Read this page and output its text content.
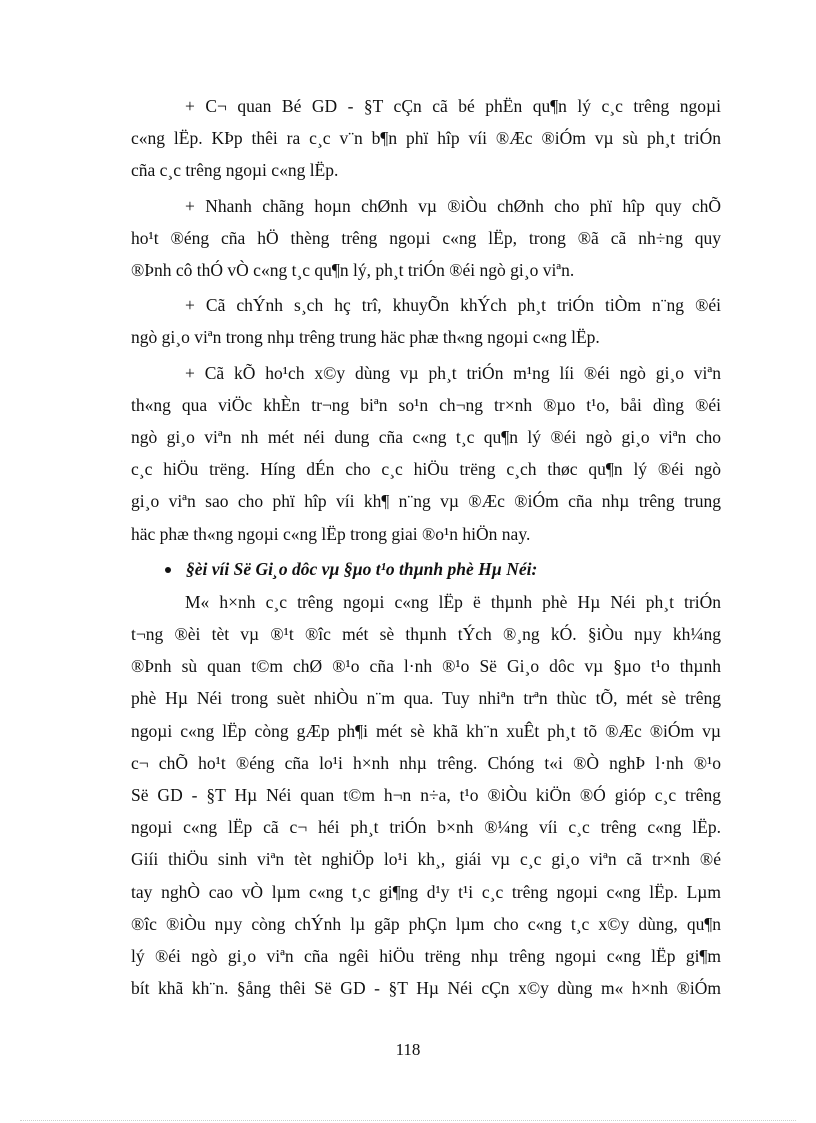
+ C¬ quan Bé GD - §T cÇn cã bé phËn qu¶n lý c¸c trêng ngoµi
c«ng lËp. KÞp thêi ra c¸c v¨n b¶n phï hîp víi ®Æc ®iÓm vµ sù ph¸t triÓn
cña c¸c trêng ngoµi c«ng lËp.
+ Nhanh chãng hoµn chØnh vµ ®iÒu chØnh cho phï hîp quy chÕ
ho¹t ®éng cña hÖ thèng trêng ngoµi c«ng lËp, trong ®ã cã nh÷ng quy
®Þnh cô thÓ vÒ c«ng t¸c qu¶n lý, ph¸t triÓn ®éi ngò gi¸o viªn.
+ Cã chÝnh s¸ch hç trî, khuyÕn khÝch ph¸t triÓn tiÒm n¨ng ®éi
ngò gi¸o viªn trong nhµ trêng trung häc phæ th«ng ngoµi c«ng lËp.
+ Cã kÕ ho¹ch x©y dùng vµ ph¸t triÓn m¹ng líi ®éi ngò gi¸o viªn
th«ng qua viÖc khÈn tr¬ng biªn so¹n ch¬ng tr×nh ®µo t¹o, båi dìng ®éi
ngò gi¸o viªn nh mét néi dung cña c«ng t¸c qu¶n lý ®éi ngò gi¸o viªn cho
c¸c hiÖu trëng. Híng dÉn cho c¸c hiÖu trëng c¸ch thøc qu¶n lý ®éi ngò
gi¸o viªn sao cho phï hîp víi kh¶ n¨ng vµ ®Æc ®iÓm cña nhµ trêng trung
häc phæ th«ng ngoµi c«ng lËp trong giai ®o¹n hiÖn nay.
§èi víi Së Gi¸o dôc vµ §µo t¹o thµnh phè Hµ Néi:
M« h×nh c¸c trêng ngoµi c«ng lËp ë thµnh phè Hµ Néi ph¸t triÓn
t¬ng ®èi tèt vµ ®¹t ®îc mét sè thµnh tÝch ®¸ng kÓ. §iÒu nµy kh¼ng
®Þnh sù quan t©m chØ ®¹o cña l·nh ®¹o Së Gi¸o dôc vµ §µo t¹o thµnh
phè Hµ Néi trong suèt nhiÒu n¨m qua. Tuy nhiªn trªn thùc tÕ, mét sè trêng
ngoµi c«ng lËp còng gÆp ph¶i mét sè khã kh¨n xuÊt ph¸t tõ ®Æc ®iÓm vµ
c¬ chÕ ho¹t ®éng cña lo¹i h×nh nhµ trêng. Chóng t«i ®Ò nghÞ l·nh ®¹o
Së GD - §T Hµ Néi quan t©m h¬n n÷a, t¹o ®iÒu kiÖn ®Ó gióp c¸c trêng
ngoµi c«ng lËp cã c¬ héi ph¸t triÓn b×nh ®¼ng víi c¸c trêng c«ng lËp.
Giíi thiÖu sinh viªn tèt nghiÖp lo¹i kh¸, giái vµ c¸c gi¸o viªn cã tr×nh ®é
tay nghÒ cao vÒ lµm c«ng t¸c gi¶ng d¹y t¹i c¸c trêng ngoµi c«ng lËp. Lµm
®îc ®iÒu nµy còng chÝnh lµ gãp phÇn lµm cho c«ng t¸c x©y dùng, qu¶n
lý ®éi ngò gi¸o viªn cña ngêi hiÖu trëng nhµ trêng ngoµi c«ng lËp gi¶m
bít khã kh¨n. §ång thêi Së GD - §T Hµ Néi cÇn x©y dùng m« h×nh ®iÓm
118
